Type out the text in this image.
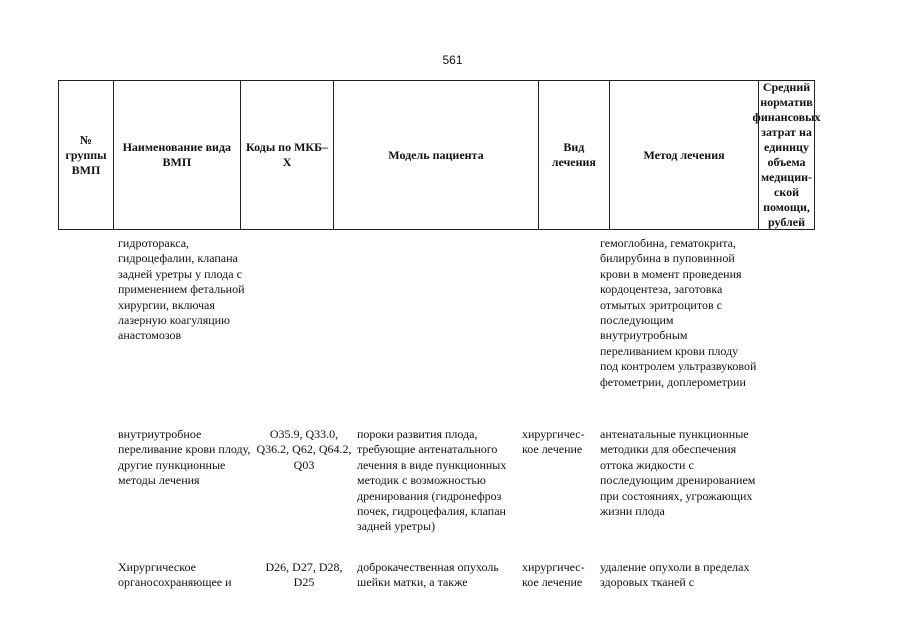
561
№ группы ВМП
Наименование вида ВМП
Коды по МКБ–Х
Модель пациента
Вид лечения
Метод лечения
Средний норматив финансовых затрат на единицу объема медицин-ской помощи, рублей
гидроторакса, гидроцефалии, клапана задней уретры у плода с применением фетальной хирургии, включая лазерную коагуляцию анастомозов
гемоглобина, гематокрита, билирубина в пуповинной крови в момент проведения кордоцентеза, заготовка отмытых эритроцитов с последующим внутриутробным переливанием крови плоду под контролем ультразвуковой фетометрии, доплерометрии
внутриутробное переливание крови плоду, другие пункционные методы лечения
O35.9, Q33.0, Q36.2, Q62, Q64.2, Q03
пороки развития плода, требующие антенатального лечения в виде пункционных методик с возможностью дренирования (гидронефроз почек, гидроцефалия, клапан задней уретры)
хирургичес-кое лечение
антенатальные пункционные методики для обеспечения оттока жидкости с последующим дренированием при состояниях, угрожающих жизни плода
Хирургическое органосохраняющее и
D26, D27, D28, D25
доброкачественная опухоль шейки матки, а также
хирургичес-кое лечение
удаление опухоли в пределах здоровых тканей с
